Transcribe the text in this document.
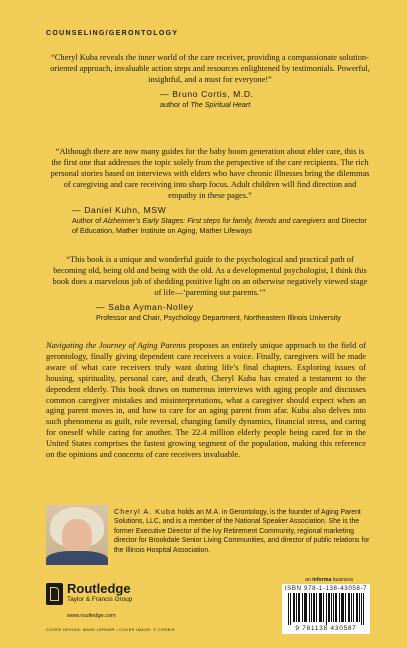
COUNSELING/GERONTOLOGY

“Cheryl Kuba reveals the inner world of the care receiver, providing a compassionate solution-oriented approach, invaluable action steps and resources enlightened by testimonials. Powerful, insightful, and a must for everyone!”

— Bruno Cortis, M.D.
author of The Spiritual Heart

“Although there are now many guides for the baby boom generation about elder care, this is the first one that addresses the topic solely from the perspective of the care recipients. The rich personal stories based on interviews with elders who have chronic illnesses bring the dilemmas of caregiving and care receiving into sharp focus. Adult children will find direction and empathy in these pages.”

— Daniel Kuhn, MSW
Author of Alzheimer’s Early Stages: First steps for family, friends and caregivers and Director of Education, Mather Institute on Aging, Mather Lifeways

“This book is a unique and wonderful guide to the psychological and practical path of becoming old, being old and being with the old. As a developmental psychologist, I think this book does a marvelous job of shedding positive light on an otherwise negatively viewed stage of life—‘parenting our parents.’”

— Saba Ayman-Nolley
Professor and Chair, Psychology Department, Northeastern Illinois University

Navigating the Journey of Aging Parents proposes an entirely unique approach to the field of gerontology, finally giving dependent care receivers a voice. Finally, caregivers will be made aware of what care receivers truly want during life’s final chapters. Exploring issues of housing, spirituality, personal care, and death, Cheryl Kuba has created a testament to the dependent elderly. This book draws on numerous interviews with aging people and discusses common caregiver mistakes and misinterpretations, what a caregiver should expect when an aging parent moves in, and how to care for an aging parent from afar. Kuba also delves into such phenomena as guilt, role reversal, changing family dynamics, financial stress, and caring for oneself while caring for another. The 22.4 million elderly people being cared for in the United States comprises the fastest growing segment of the population, making this reference on the opinions and concerns of care receivers invaluable.

Cheryl A. Kuba holds an M.A. in Gerontology, is the founder of Aging Parent Solutions, LLC, and is a member of the National Speaker Association. She is the former Executive Director of the Ivy Retirement Community, regional marketing director for Brookdale Senior Living Communities, and director of public relations for the Illinois Hospital Association.

an informa business
Routledge
Taylor & Francis Group
www.routledge.com
COVER DESIGN: MARK LERNER • COVER IMAGE: © CORBIS
ISBN 978-1-138-43058-7
9 781138 430587
